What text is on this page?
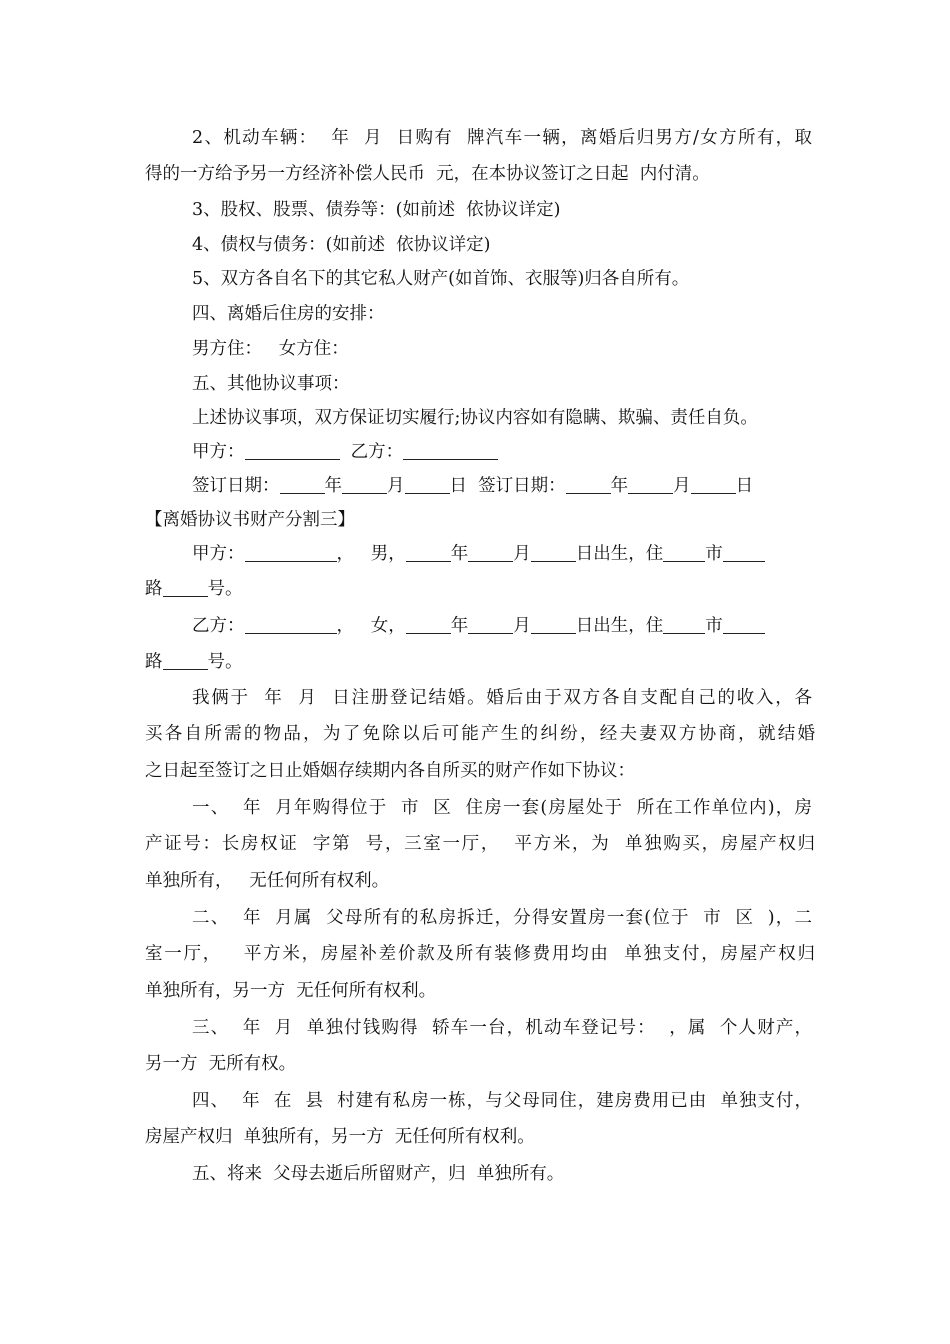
2、机动车辆：  年  月  日购有  牌汽车一辆，离婚后归男方/女方所有，取
得的一方给予另一方经济补偿人民币  元，在本协议签订之日起  内付清。
3、股权、股票、债券等：(如前述  依协议详定)
4、债权与债务：(如前述  依协议详定)
5、双方各自名下的其它私人财产(如首饰、衣服等)归各自所有。
四、离婚后住房的安排：
男方住：   女方住：
五、其他协议事项：
上述协议事项，双方保证切实履行;协议内容如有隐瞒、欺骗、责任自负。
甲方：	乙方：
签订日期：	年	月	日  签订日期：	年	月	日
【离婚协议书财产分割三】
甲方：	，   男，	年	月	日出生，住 市
路	号。
乙方：	，   女，	年	月	日出生，住 市
路	号。
我俩于  年  月  日注册登记结婚。婚后由于双方各自支配自己的收入，各
买各自所需的物品，为了免除以后可能产生的纠纷，经夫妻双方协商，就结婚
之日起至签订之日止婚姻存续期内各自所买的财产作如下协议：
一、  年  月年购得位于  市  区  住房一套(房屋处于  所在工作单位内)，房
产证号：长房权证  字第  号，三室一厅，  平方米，为  单独购买，房屋产权归
单独所有，   无任何所有权利。
二、  年  月属  父母所有的私房拆迁，分得安置房一套(位于  市  区  )，二
室一厅，   平方米，房屋补差价款及所有装修费用均由  单独支付，房屋产权归
单独所有，另一方  无任何所有权利。
三、  年  月  单独付钱购得  轿车一台，机动车登记号：  ，属  个人财产，
另一方  无所有权。
四、  年  在  县  村建有私房一栋，与父母同住，建房费用已由  单独支付，
房屋产权归  单独所有，另一方  无任何所有权利。
五、将来  父母去逝后所留财产，归  单独所有。
